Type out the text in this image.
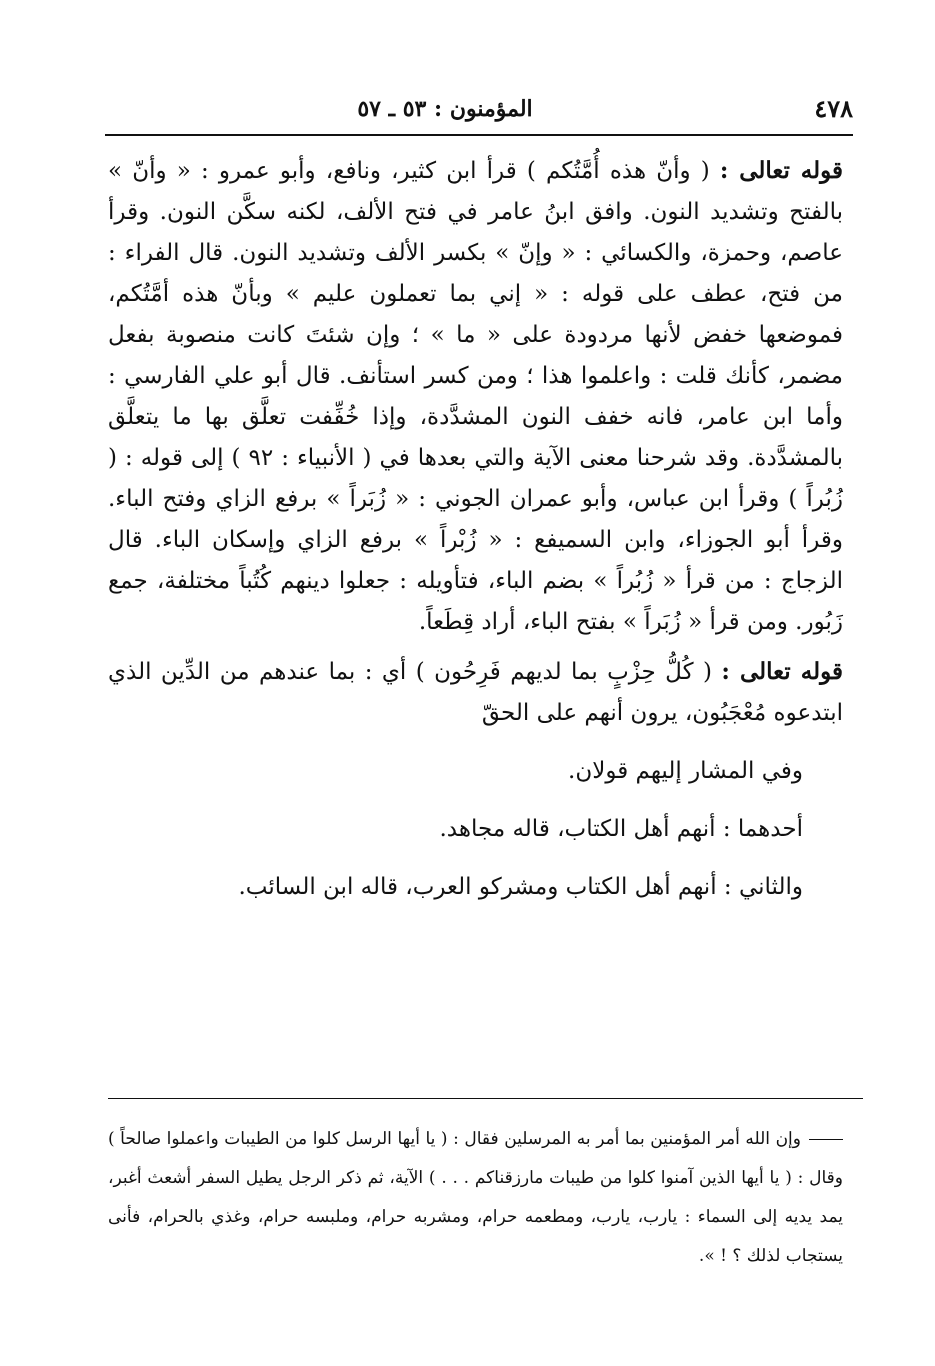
٤٧٨
المؤمنون : ٥٣ ـ ٥٧

قوله تعالى : ( وأنّ هذه أُمَّتُكم ) قرأ ابن كثير، ونافع، وأبو عمرو : « وأنّ » بالفتح وتشديد النون. وافق ابنُ عامر في فتح الألف، لكنه سكَّن النون. وقرأ عاصم، وحمزة، والكسائي : « وإنّ » بكسر الألف وتشديد النون. قال الفراء : من فتح، عطف على قوله : « إني بما تعملون عليم » وبأنّ هذه أمَّتُكم، فموضعها خفض لأنها مردودة على « ما » ؛ وإن شئتَ كانت منصوبة بفعل مضمر، كأنك قلت : واعلموا هذا ؛ ومن كسر استأنف. قال أبو علي الفارسي : وأما ابن عامر، فانه خفف النون المشدَّدة، وإذا خُفِّفت تعلَّق بها ما يتعلَّق بالمشدَّدة. وقد شرحنا معنى الآية والتي بعدها في ( الأنبياء : ٩٢ ) إلى قوله : ( زُبُراً ) وقرأ ابن عباس، وأبو عمران الجوني : « زُبَراً » برفع الزاي وفتح الباء. وقرأ أبو الجوزاء، وابن السميفع : « زُبْراً » برفع الزاي وإسكان الباء. قال الزجاج : من قرأ « زُبُراً » بضم الباء، فتأويله : جعلوا دينهم كُتُباً مختلفة، جمع زَبُور. ومن قرأ « زُبَراً » بفتح الباء، أراد قِطَعاً.

قوله تعالى : ( كُلُّ حِزْبٍ بما لديهم فَرِحُون ) أي : بما عندهم من الدِّين الذي ابتدعوه مُعْجَبُون، يرون أنهم على الحقّ

وفي المشار إليهم قولان.

أحدهما : أنهم أهل الكتاب، قاله مجاهد.

والثاني : أنهم أهل الكتاب ومشركو العرب، قاله ابن السائب.

وإن الله أمر المؤمنين بما أمر به المرسلين فقال : ( يا أيها الرسل كلوا من الطيبات واعملوا صالحاً ) وقال : ( يا أيها الذين آمنوا كلوا من طيبات مارزقناكم . . . ) الآية، ثم ذكر الرجل يطيل السفر أشعث أغبر، يمد يديه إلى السماء : يارب، يارب، ومطعمه حرام، ومشربه حرام، وملبسه حرام، وغذي بالحرام، فأنى يستجاب لذلك ؟ ! ».
